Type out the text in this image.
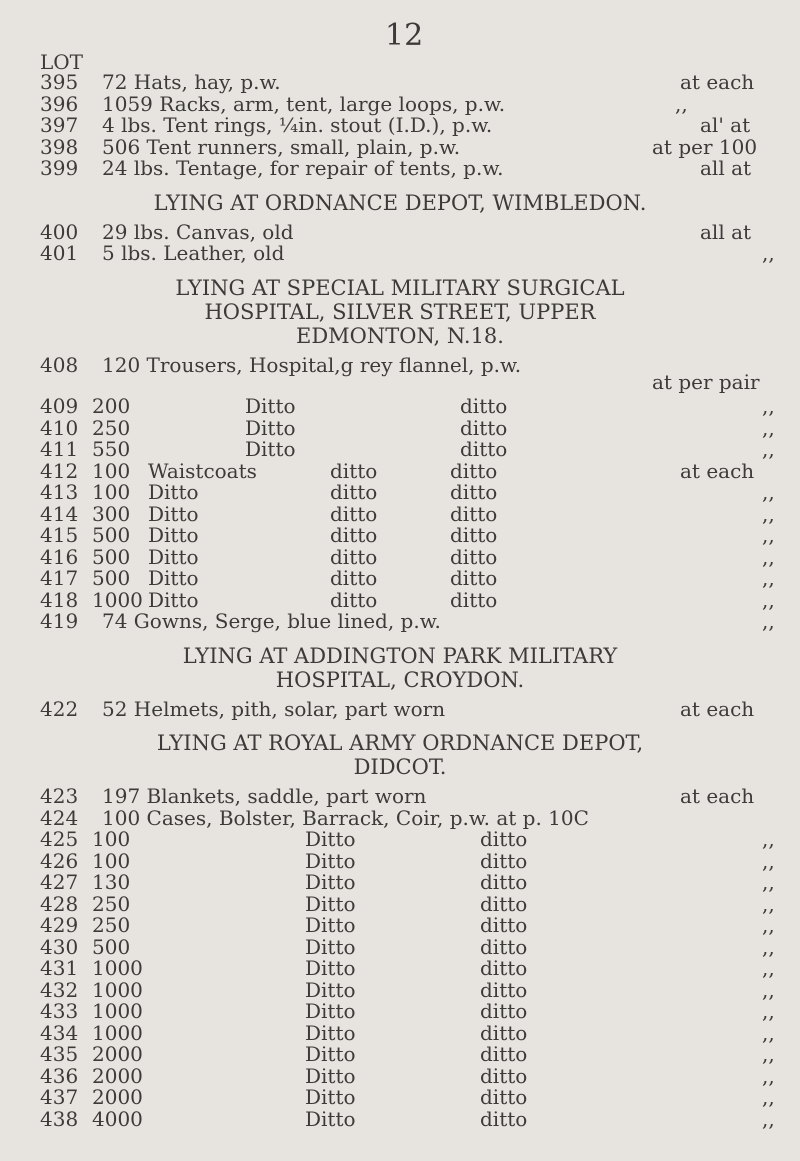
12
LOT
395 72 Hats, hay, p.w.	at each
396 1059 Racks, arm, tent, large loops, p.w.	,,
397 4 lbs. Tent rings, ¼in. stout (I.D.), p.w.	al' at
398 506 Tent runners, small, plain, p.w.	at per 100
399 24 lbs. Tentage, for repair of tents, p.w.	all at
LYING AT ORDNANCE DEPOT, WIMBLEDON.
400 29 lbs. Canvas, old	all at
401 5 lbs. Leather, old	,,
LYING AT SPECIAL MILITARY SURGICAL
HOSPITAL, SILVER STREET, UPPER
EDMONTON, N.18.
408 120 Trousers, Hospital,g rey flannel, p.w.
at per pair
409 200	Ditto	ditto	,,
410 250	Ditto	ditto	,,
411 550	Ditto	ditto	,,
412 100 Waistcoats	ditto	ditto	at each
413 100 Ditto	ditto	ditto	,,
414 300 Ditto	ditto	ditto	,,
415 500 Ditto	ditto	ditto	,,
416 500 Ditto	ditto	ditto	,,
417 500 Ditto	ditto	ditto	,,
418 1000 Ditto	ditto	ditto	,,
419 74 Gowns, Serge, blue lined, p.w.	,,
LYING AT ADDINGTON PARK MILITARY
HOSPITAL, CROYDON.
422 52 Helmets, pith, solar, part worn	at each
LYING AT ROYAL ARMY ORDNANCE DEPOT,
DIDCOT.
423 197 Blankets, saddle, part worn	at each
424 100 Cases, Bolster, Barrack, Coir, p.w. at p. 10C
425 100	Ditto	ditto	,,
426 100	Ditto	ditto	,,
427 130	Ditto	ditto	,,
428 250	Ditto	ditto	,,
429 250	Ditto	ditto	,,
430 500	Ditto	ditto	,,
431 1000	Ditto	ditto	,,
432 1000	Ditto	ditto	,,
433 1000	Ditto	ditto	,,
434 1000	Ditto	ditto	,,
435 2000	Ditto	ditto	,,
436 2000	Ditto	ditto	,,
437 2000	Ditto	ditto	,,
438 4000	Ditto	ditto	,,
